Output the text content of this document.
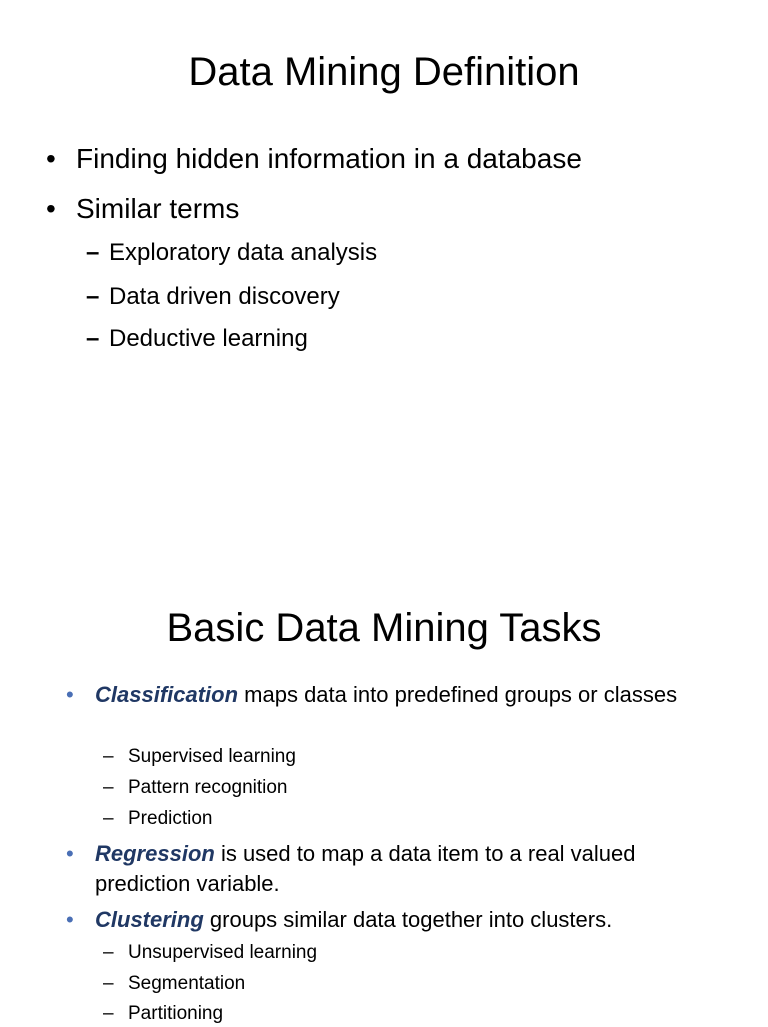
Data Mining Definition
• Finding hidden information in a database
• Similar terms
– Exploratory data analysis
– Data driven discovery
– Deductive learning
Basic Data Mining Tasks
• Classification maps data into predefined groups or classes
– Supervised learning
– Pattern recognition
– Prediction
• Regression is used to map a data item to a real valued prediction variable.
• Clustering groups similar data together into clusters.
– Unsupervised learning
– Segmentation
– Partitioning
